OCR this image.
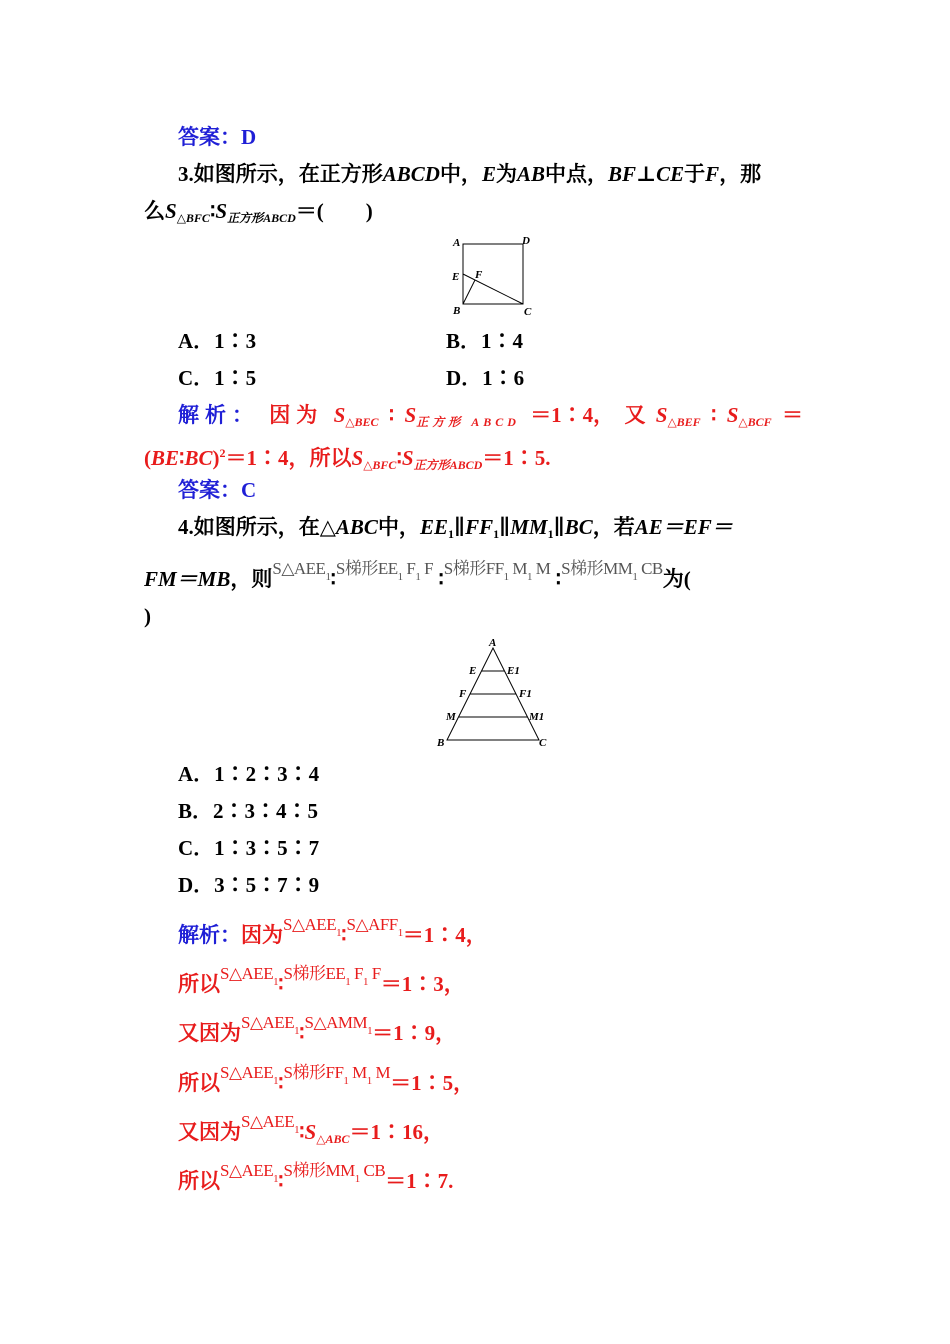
答案：D
3.如图所示，在正方形ABCD中，E为AB中点，BF⊥CE于F，那
么$S_{\triangle BFC}∶S_{正方形ABCD}=$(　　)
A	D
E F
B	C
A．1∶3	B．1∶4
C．1∶5	D．1∶6
解析： 因为 $S_{\triangle BEC}$ ∶ $S_{正方形 ABCD}$ ＝1∶4， 又 $S_{\triangle BEF}$ ∶ $S_{\triangle BCF}$ ＝
(BE∶BC)$^2$＝1∶4，所以$S_{\triangle BFC}∶S_{正方形ABCD}=1∶5$.
答案：C
4.如图所示，在△ABC中，$EE_1\parallel FF_1\parallel MM_1\parallel BC$，若AE＝EF＝
FM＝MB，则$^{S\triangle AEE_1}$∶$^{S梯形EE_1 F_1 F}$ ∶$^{S梯形FF_1 M_1 M}$ ∶$^{S梯形MM_1 CB}$为(
)
A
E	E1
F	F1
M	M1
B	C
A．1∶2∶3∶4
B．2∶3∶4∶5
C．1∶3∶5∶7
D．3∶5∶7∶9
解析：因为$^{S\triangle AEE_1}$∶$^{S\triangle AFF_1}$＝1∶4，
所以$^{S\triangle AEE_1}$∶$^{S梯形EE_1 F_1 F}$＝1∶3，
又因为$^{S\triangle AEE_1}$∶$^{S\triangle AMM_1}$＝1∶9，
所以$^{S\triangle AEE_1}$∶$^{S梯形FF_1 M_1 M}$＝1∶5，
又因为$^{S\triangle AEE_1}∶S_{\triangle ABC}=1∶16$，
所以$^{S\triangle AEE_1}$∶$^{S梯形MM_1 CB}$＝1∶7.
